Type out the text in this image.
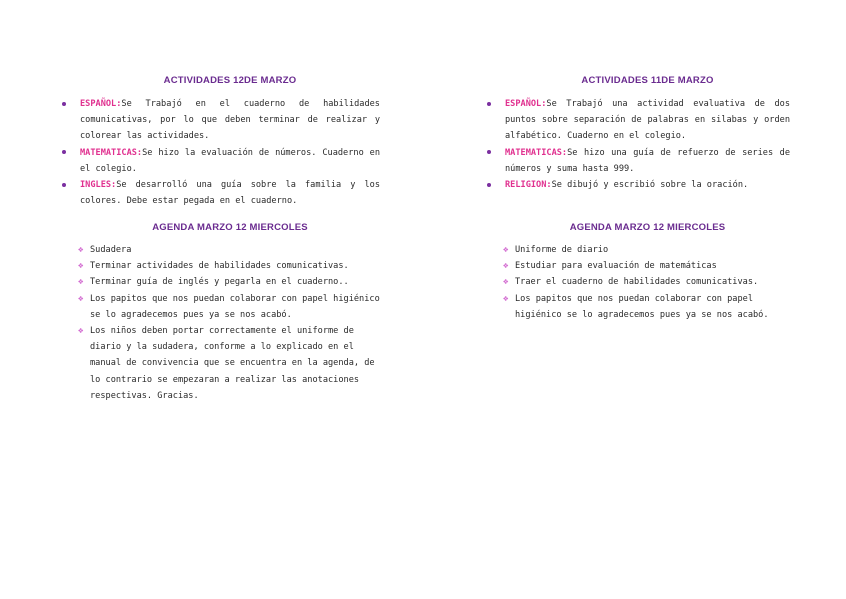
ACTIVIDADES 12DE MARZO
ESPAÑOL:Se Trabajó en el cuaderno de habilidades comunicativas, por lo que deben terminar de realizar y colorear las actividades.
MATEMATICAS:Se hizo la evaluación de números. Cuaderno en el colegio.
INGLES:Se desarrolló una guía sobre la familia y los colores. Debe estar pegada en el cuaderno.
AGENDA MARZO 12 MIERCOLES
❖ Sudadera
❖ Terminar actividades de habilidades comunicativas.
❖ Terminar guía de inglés y pegarla en el cuaderno..
❖ Los papitos que nos puedan colaborar con papel higiénico se lo agradecemos pues ya se nos acabó.
❖ Los niños deben portar correctamente el uniforme de diario y la sudadera, conforme a lo explicado en el manual de convivencia que se encuentra en la agenda, de lo contrario se empezaran a realizar las anotaciones respectivas. Gracias.
ACTIVIDADES 11DE MARZO
ESPAÑOL:Se Trabajó una actividad evaluativa de dos puntos sobre separación de palabras en silabas y orden alfabético. Cuaderno en el colegio.
MATEMATICAS:Se hizo una guía de refuerzo de series de números y suma hasta 999.
RELIGION:Se dibujó y escribió sobre la oración.
AGENDA MARZO 12 MIERCOLES
❖ Uniforme de diario
❖ Estudiar para evaluación de matemáticas
❖ Traer el cuaderno de habilidades comunicativas.
❖ Los papitos que nos puedan colaborar con papel higiénico se lo agradecemos pues ya se nos acabó.
